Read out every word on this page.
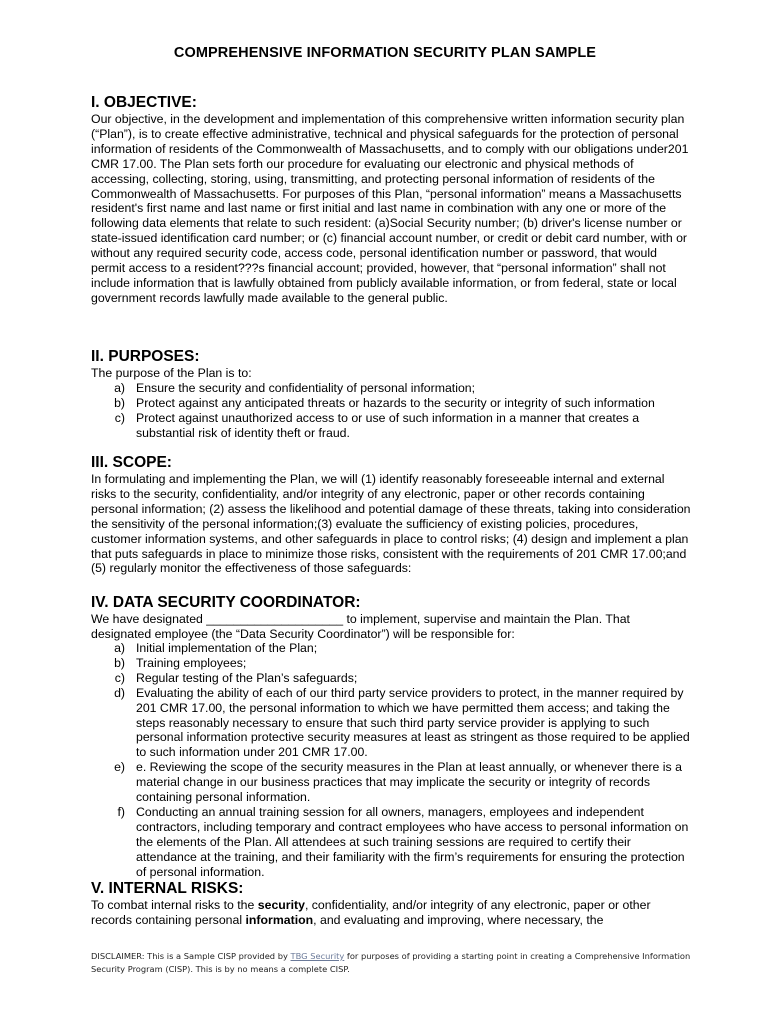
COMPREHENSIVE INFORMATION SECURITY PLAN SAMPLE
I. OBJECTIVE:

Our objective, in the development and implementation of this comprehensive written information security plan (“Plan”), is to create effective administrative, technical and physical safeguards for the protection of personal information of residents of the Commonwealth of Massachusetts, and to comply with our obligations under201 CMR 17.00. The Plan sets forth our procedure for evaluating our electronic and physical methods of accessing, collecting, storing, using, transmitting, and protecting personal information of residents of the Commonwealth of Massachusetts. For purposes of this Plan, “personal information” means a Massachusetts resident's first name and last name or first initial and last name in combination with any one or more of the following data elements that relate to such resident: (a)Social Security number; (b) driver's license number or state-issued identification card number; or (c) financial account number, or credit or debit card number, with or without any required security code, access code, personal identification number or password, that would permit access to a resident???s financial account; provided, however, that “personal information” shall not include information that is lawfully obtained from publicly available information, or from federal, state or local government records lawfully made available to the general public.

II. PURPOSES:
The purpose of the Plan is to:
a) Ensure the security and confidentiality of personal information;
b) Protect against any anticipated threats or hazards to the security or integrity of such information
c) Protect against unauthorized access to or use of such information in a manner that creates a substantial risk of identity theft or fraud.
III. SCOPE:

In formulating and implementing the Plan, we will (1) identify reasonably foreseeable internal and external risks to the security, confidentiality, and/or integrity of any electronic, paper or other records containing personal information; (2) assess the likelihood and potential damage of these threats, taking into consideration the sensitivity of the personal information;(3) evaluate the sufficiency of existing policies, procedures, customer information systems, and other safeguards in place to control risks; (4) design and implement a plan that puts safeguards in place to minimize those risks, consistent with the requirements of 201 CMR 17.00;and (5) regularly monitor the effectiveness of those safeguards:

IV. DATA SECURITY COORDINATOR:
We have designated ____________________ to implement, supervise and maintain the Plan. That designated employee (the “Data Security Coordinator”) will be responsible for:
a) Initial implementation of the Plan;
b) Training employees;
c) Regular testing of the Plan’s safeguards;
d) Evaluating the ability of each of our third party service providers to protect, in the manner required by 201 CMR 17.00, the personal information to which we have permitted them access; and taking the steps reasonably necessary to ensure that such third party service provider is applying to such personal information protective security measures at least as stringent as those required to be applied to such information under 201 CMR 17.00.
e) e. Reviewing the scope of the security measures in the Plan at least annually, or whenever there is a material change in our business practices that may implicate the security or integrity of records containing personal information.
f) Conducting an annual training session for all owners, managers, employees and independent contractors, including temporary and contract employees who have access to personal information on the elements of the Plan. All attendees at such training sessions are required to certify their attendance at the training, and their familiarity with the firm’s requirements for ensuring the protection of personal information.
V. INTERNAL RISKS:

To combat internal risks to the security, confidentiality, and/or integrity of any electronic, paper or other records containing personal information, and evaluating and improving, where necessary, the

DISCLAIMER: This is a Sample CISP provided by TBG Security for purposes of providing a starting point in creating a Comprehensive Information Security Program (CISP). This is by no means a complete CISP.
